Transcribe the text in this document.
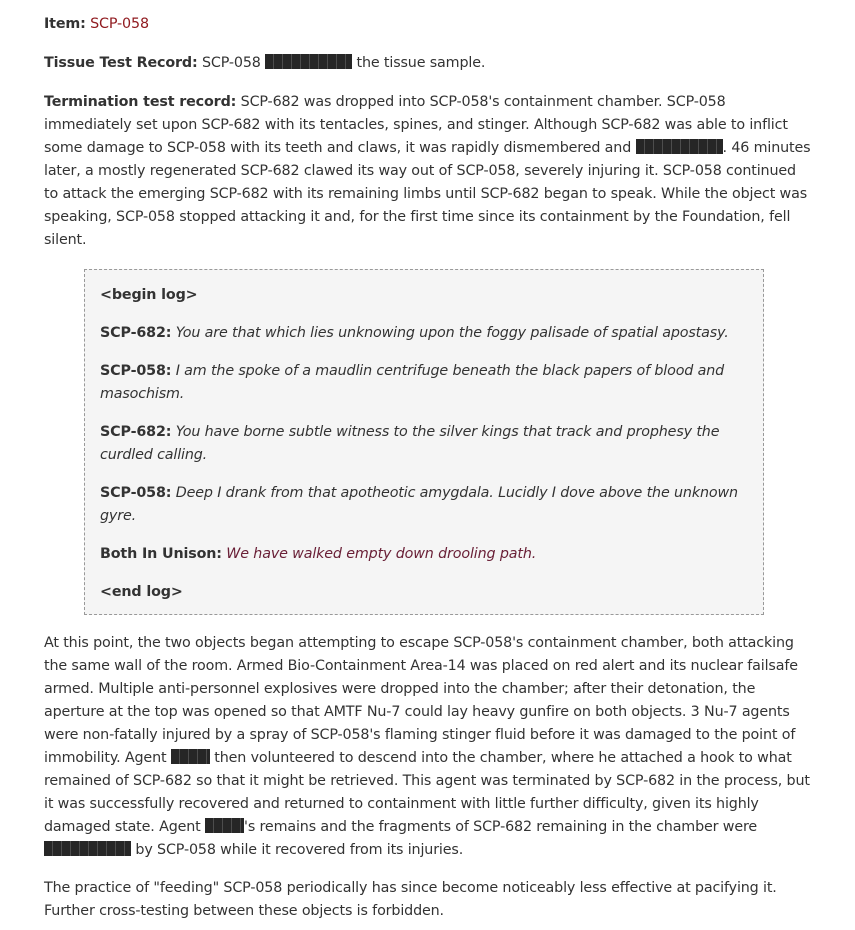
Item: SCP-058

Tissue Test Record: SCP-058	the tissue sample.

Termination test record: SCP-682 was dropped into SCP-058's containment chamber. SCP-058 immediately set upon SCP-682 with its tentacles, spines, and stinger. Although SCP-682 was able to inflict some damage to SCP-058 with its teeth and claws, it was rapidly dismembered and	. 46 minutes later, a mostly regenerated SCP-682 clawed its way out of SCP-058, severely injuring it. SCP-058 continued to attack the emerging SCP-682 with its remaining limbs until SCP-682 began to speak. While the object was speaking, SCP-058 stopped attacking it and, for the first time since its containment by the Foundation, fell silent.

<begin log>

SCP-682: You are that which lies unknowing upon the foggy palisade of spatial apostasy.

SCP-058: I am the spoke of a maudlin centrifuge beneath the black papers of blood and masochism.

SCP-682: You have borne subtle witness to the silver kings that track and prophesy the curdled calling.

SCP-058: Deep I drank from that apotheotic amygdala. Lucidly I dove above the unknown gyre.

Both In Unison: We have walked empty down drooling path.

<end log>

At this point, the two objects began attempting to escape SCP-058's containment chamber, both attacking the same wall of the room. Armed Bio-Containment Area-14 was placed on red alert and its nuclear failsafe armed. Multiple anti-personnel explosives were dropped into the chamber; after their detonation, the aperture at the top was opened so that AMTF Nu-7 could lay heavy gunfire on both objects. 3 Nu-7 agents were non-fatally injured by a spray of SCP-058's flaming stinger fluid before it was damaged to the point of immobility. Agent	then volunteered to descend into the chamber, where he attached a hook to what remained of SCP-682 so that it might be retrieved. This agent was terminated by SCP-682 in the process, but it was successfully recovered and returned to containment with little further difficulty, given its highly damaged state. Agent	's remains and the fragments of SCP-682 remaining in the chamber were  by SCP-058 while it recovered from its injuries.

The practice of "feeding" SCP-058 periodically has since become noticeably less effective at pacifying it. Further cross-testing between these objects is forbidden.
